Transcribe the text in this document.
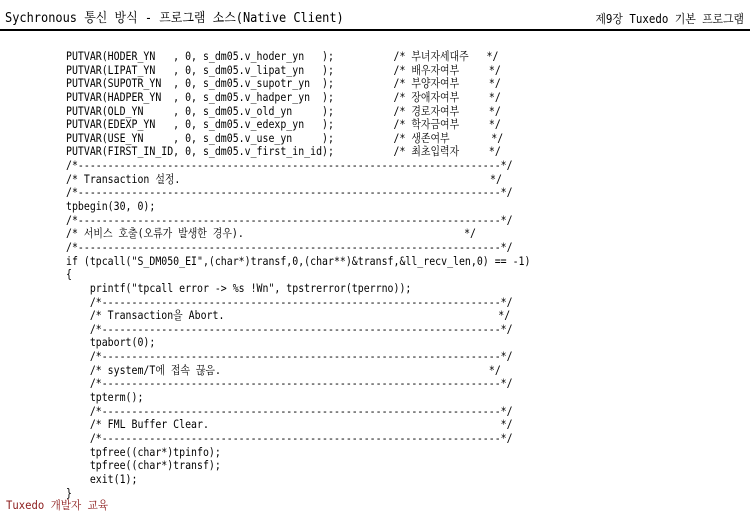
Sychronous 통신 방식 - 프로그램 소스(Native Client)	제9장 Tuxedo 기본 프로그램
PUTVAR(HODER_YN   , 0, s_dm05.v_hoder_yn   );          /* 부녀자세대주   */
PUTVAR(LIPAT_YN   , 0, s_dm05.v_lipat_yn   );          /* 배우자여부     */
PUTVAR(SUPOTR_YN  , 0, s_dm05.v_supotr_yn  );          /* 부양자여부     */
PUTVAR(HADPER_YN  , 0, s_dm05.v_hadper_yn  );          /* 장애자여부     */
PUTVAR(OLD_YN     , 0, s_dm05.v_old_yn     );          /* 경로자여부     */
PUTVAR(EDEXP_YN   , 0, s_dm05.v_edexp_yn   );          /* 학자금여부     */
PUTVAR(USE_YN     , 0, s_dm05.v_use_yn     );          /* 생존여부       */
PUTVAR(FIRST_IN_ID, 0, s_dm05.v_first_in_id);          /* 최초입력자     */
/*-----------------------------------------------------------------------*/
/* Transaction 설정.                                                    */
/*-----------------------------------------------------------------------*/
tpbegin(30, 0);
/*-----------------------------------------------------------------------*/
/* 서비스 호출(오류가 발생한 경우).                                     */
/*-----------------------------------------------------------------------*/
if (tpcall("S_DM050_EI",(char*)transf,0,(char**)&transf,&ll_recv_len,0) == -1)
{
printf("tpcall error -> %s !Wn", tpstrerror(tperrno));
/*-------------------------------------------------------------------*/
/* Transaction을 Abort.                                              */
/*-------------------------------------------------------------------*/
tpabort(0);
/*-------------------------------------------------------------------*/
/* system/T에 접속 끊음.                                             */
/*-------------------------------------------------------------------*/
tpterm();
/*-------------------------------------------------------------------*/
/* FML Buffer Clear.                                                 */
/*-------------------------------------------------------------------*/
tpfree((char*)tpinfo);
tpfree((char*)transf);
exit(1);
}
Tuxedo 개발자 교육
